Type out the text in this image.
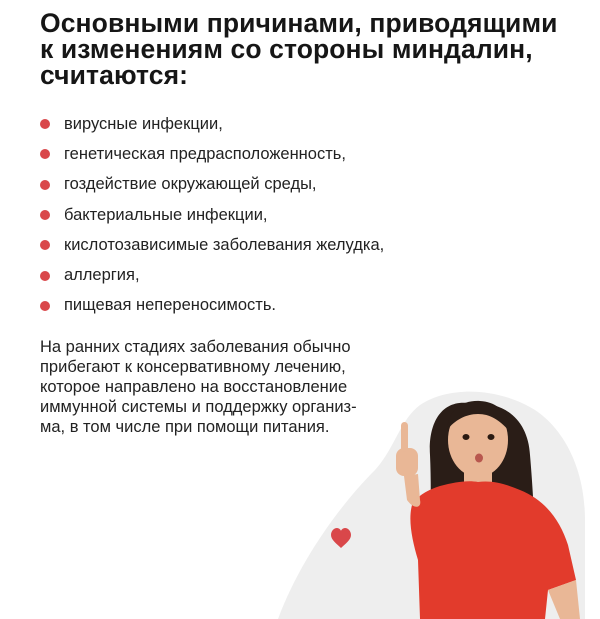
Основными причинами, приводящими
к изменениям со стороны миндалин,
считаются:
вирусные инфекции,
генетическая предрасположенность,
гоздействие окружающей среды,
бактериальные инфекции,
кислотозависимые заболевания желудка,
аллергия,
пищевая непереносимость.
На ранних стадиях заболевания обычно
прибегают к консервативному лечению,
которое направлено на восстановление
иммунной системы и поддержку организ-
ма, в том числе при помощи питания.
